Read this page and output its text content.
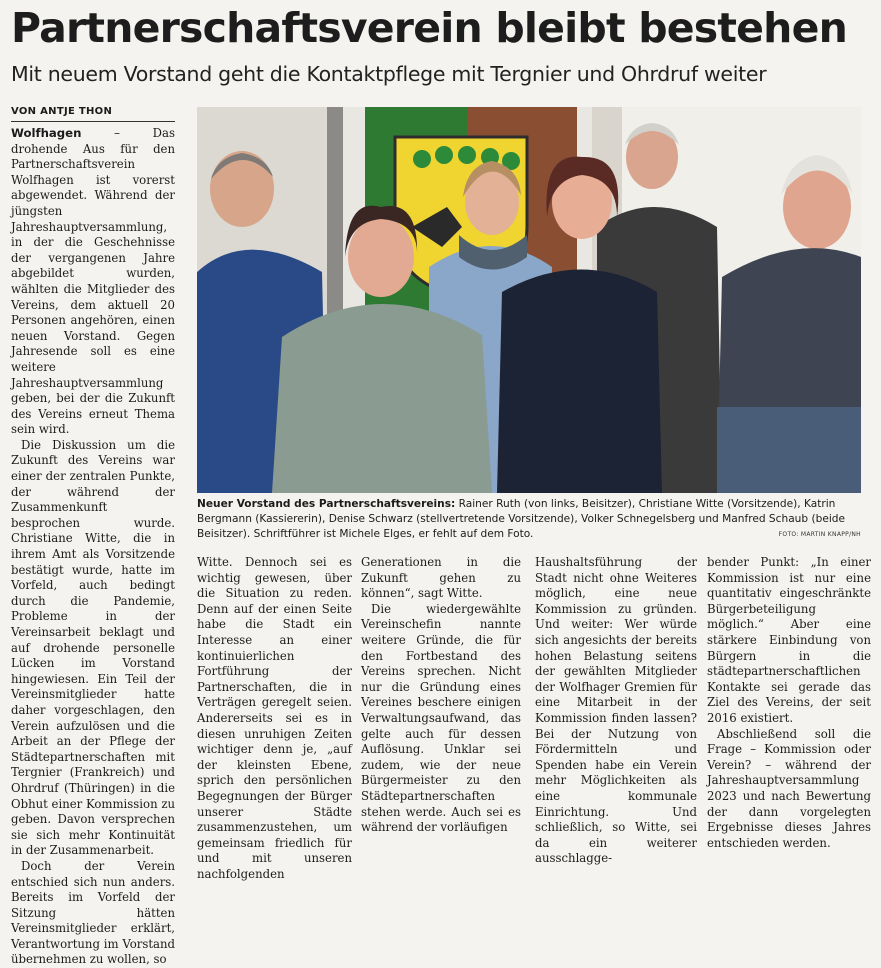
Partnerschaftsverein bleibt bestehen
Mit neuem Vorstand geht die Kontaktpflege mit Tergnier und Ohrdruf weiter
VON ANTJE THON

Wolfhagen – Das drohende Aus für den Partnerschaftsverein Wolfhagen ist vorerst abgewendet. Während der jüngsten Jahreshauptversammlung, in der die Geschehnisse der vergangenen Jahre abgebildet wurden, wählten die Mitglieder des Vereins, dem aktuell 20 Personen angehören, einen neuen Vorstand. Gegen Jahresende soll es eine weitere Jahreshauptversammlung geben, bei der die Zukunft des Vereins erneut Thema sein wird.

Die Diskussion um die Zukunft des Vereins war einer der zentralen Punkte, der während der Zusammenkunft besprochen wurde. Christiane Witte, die in ihrem Amt als Vorsitzende bestätigt wurde, hatte im Vorfeld, auch bedingt durch die Pandemie, Probleme in der Vereinsarbeit beklagt und auf drohende personelle Lücken im Vorstand hingewiesen. Ein Teil der Vereinsmitglieder hatte daher vorgeschlagen, den Verein aufzulösen und die Arbeit an der Pflege der Städtepartnerschaften mit Tergnier (Frankreich) und Ohrdruf (Thüringen) in die Obhut einer Kommission zu geben. Davon versprechen sie sich mehr Kontinuität in der Zusammenarbeit.

Doch der Verein entschied sich nun anders. Bereits im Vorfeld der Sitzung hätten Vereinsmitglieder erklärt, Verantwortung im Vorstand übernehmen zu wollen, so

Neuer Vorstand des Partnerschaftsvereins: Rainer Ruth (von links, Beisitzer), Christiane Witte (Vorsitzende), Katrin Bergmann (Kassiererin), Denise Schwarz (stellvertretende Vorsitzende), Volker Schnegelsberg und Manfred Schaub (beide Beisitzer). Schriftführer ist Michele Elges, er fehlt auf dem Foto.	FOTO: MARTIN KNAPP/NH

Witte. Dennoch sei es wichtig gewesen, über die Situation zu reden. Denn auf der einen Seite habe die Stadt ein Interesse an einer kontinuierlichen Fortführung der Partnerschaften, die in Verträgen geregelt seien. Andererseits sei es in diesen unruhigen Zeiten wichtiger denn je, „auf der kleinsten Ebene, sprich den persönlichen Begegnungen der Bürger unserer Städte zusammenzustehen, um gemeinsam friedlich für und mit unseren nachfolgenden

Generationen in die Zukunft gehen zu können“, sagt Witte.

Die wiedergewählte Vereinschefin nannte weitere Gründe, die für den Fortbestand des Vereins sprechen. Nicht nur die Gründung eines Vereines bescherе einigen Verwaltungsaufwand, das gelte auch für dessen Auflösung. Unklar sei zudem, wie der neue Bürgermeister zu den Städtepartnerschaften stehen werde. Auch sei es während der vorläufigen

Haushaltsführung der Stadt nicht ohne Weiteres möglich, eine neue Kommission zu gründen. Und weiter: Wer würde sich angesichts der bereits hohen Belastung seitens der gewählten Mitglieder der Wolfhager Gremien für eine Mitarbeit in der Kommission finden lassen? Bei der Nutzung von Fördermitteln und Spenden habe ein Verein mehr Möglichkeiten als eine kommunale Einrichtung. Und schließlich, so Witte, sei da ein weiterer ausschlagge-

bender Punkt: „In einer Kommission ist nur eine quantitativ eingeschränkte Bürgerbeteiligung möglich.“ Aber eine stärkere Einbindung von Bürgern in die städtepartnerschaftlichen Kontakte sei gerade das Ziel des Vereins, der seit 2016 existiert.

Abschließend soll die Frage – Kommission oder Verein? – während der Jahreshauptversammlung 2023 und nach Bewertung der dann vorgelegten Ergebnisse dieses Jahres entschieden werden.
